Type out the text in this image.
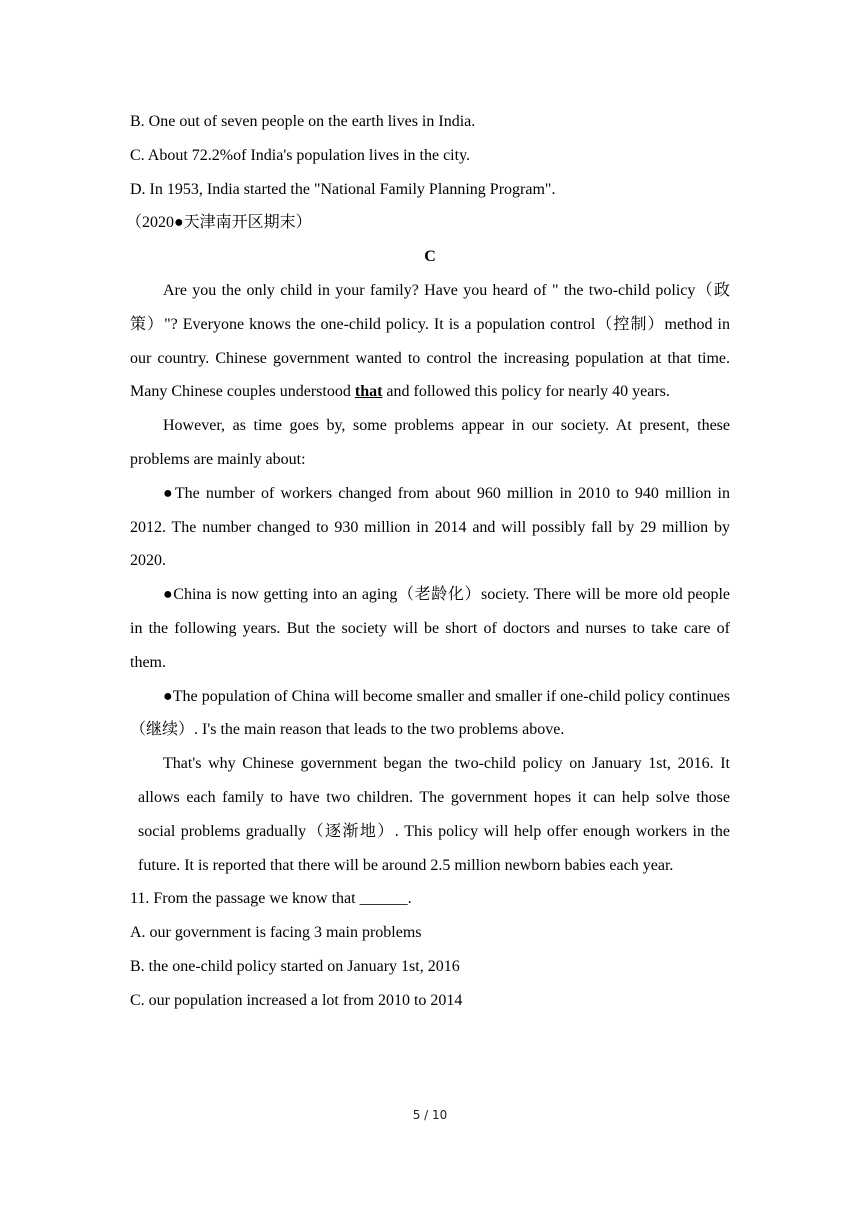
B. One out of seven people on the earth lives in India.

C. About 72.2%of India's population lives in the city.

D. In 1953, India started the "National Family Planning Program".

（2020●天津南开区期末）

C

Are you the only child in your family? Have you heard of " the two-child policy（政策）"? Everyone knows the one-child policy. It is a population control（控制）method in our country. Chinese government wanted to control the increasing population at that time. Many Chinese couples understood that and followed this policy for nearly 40 years.

However, as time goes by, some problems appear in our society. At present, these problems are mainly about:

●The number of workers changed from about 960 million in 2010 to 940 million in 2012. The number changed to 930 million in 2014 and will possibly fall by 29 million by 2020.

●China is now getting into an aging（老龄化）society. There will be more old people in the following years. But the society will be short of doctors and nurses to take care of them.

●The population of China will become smaller and smaller if one-child policy continues（继续）. I's the main reason that leads to the two problems above.

That's why Chinese government began the two-child policy on January 1st, 2016. It allows each family to have two children. The government hopes it can help solve those social problems gradually（逐渐地）. This policy will help offer enough workers in the future. It is reported that there will be around 2.5 million newborn babies each year.

11. From the passage we know that ______.

A. our government is facing 3 main problems

B. the one-child policy started on January 1st, 2016

C. our population increased a lot from 2010 to 2014

5 / 10
